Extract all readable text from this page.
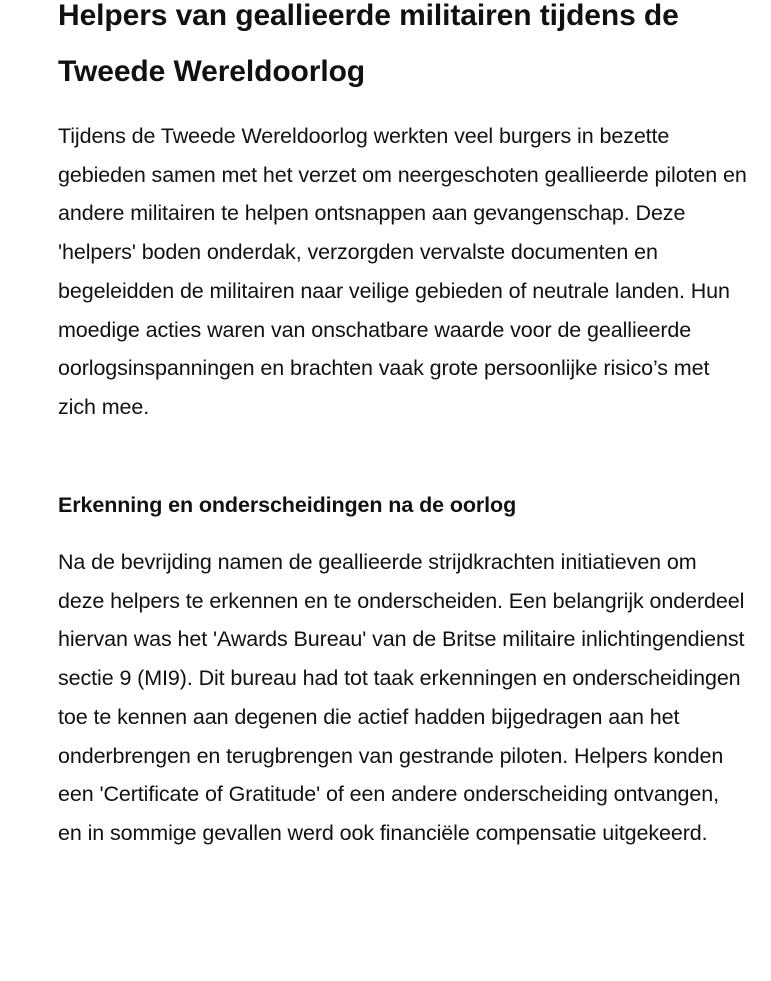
Helpers van geallieerde militairen tijdens de Tweede Wereldoorlog

Tijdens de Tweede Wereldoorlog werkten veel burgers in bezette gebieden samen met het verzet om neergeschoten geallieerde piloten en andere militairen te helpen ontsnappen aan gevangenschap. Deze 'helpers' boden onderdak, verzorgden vervalste documenten en begeleidden de militairen naar veilige gebieden of neutrale landen. Hun moedige acties waren van onschatbare waarde voor de geallieerde oorlogsinspanningen en brachten vaak grote persoonlijke risico’s met zich mee.

Erkenning en onderscheidingen na de oorlog

Na de bevrijding namen de geallieerde strijdkrachten initiatieven om deze helpers te erkennen en te onderscheiden. Een belangrijk onderdeel hiervan was het 'Awards Bureau' van de Britse militaire inlichtingendienst sectie 9 (MI9). Dit bureau had tot taak erkenningen en onderscheidingen toe te kennen aan degenen die actief hadden bijgedragen aan het onderbrengen en terugbrengen van gestrande piloten. Helpers konden een 'Certificate of Gratitude' of een andere onderscheiding ontvangen, en in sommige gevallen werd ook financiële compensatie uitgekeerd.
